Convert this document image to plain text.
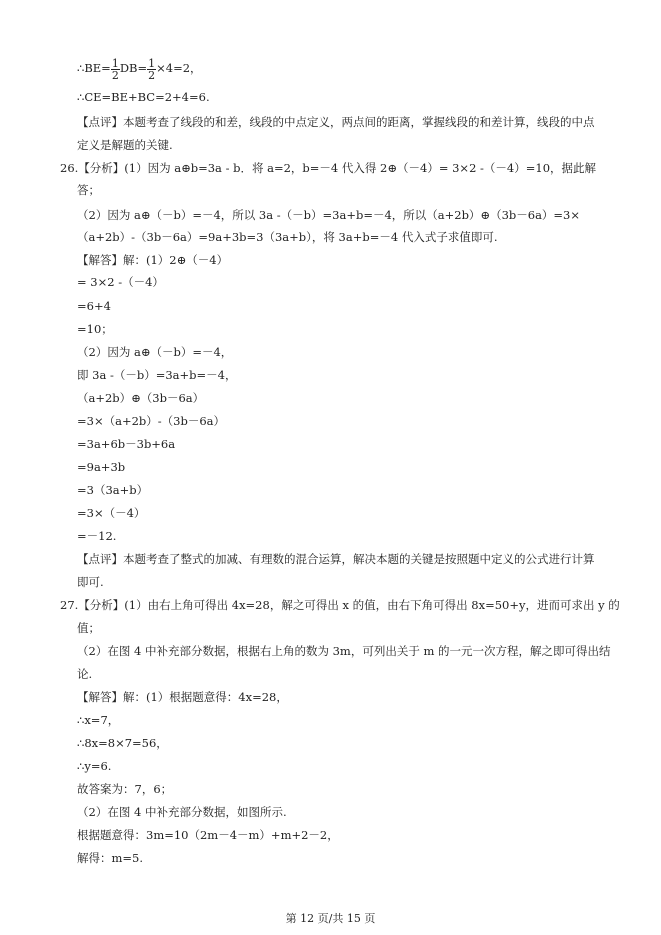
∴BE= $\frac{1}{2} DB= \frac{1}{2} \times 4=2$，
∴CE=BE+BC=2+4=6.
【点评】本题考查了线段的和差，线段的中点定义，两点间的距离，掌握线段的和差计算，线段的中点
定义是解题的关键.
26.【分析】(1）因为 a⊕b=3a - b．将 a=2，b=－4 代入得 2⊕（－4）= 3×2 -（－4）=10，据此解
答；
（2）因为 a⊕（－b）=－4，所以 3a -（－b）=3a+b=－4，所以（a+2b）⊕（3b－6a）=3×
（a+2b）-（3b－6a）=9a+3b=3（3a+b），将 3a+b=－4 代入式子求值即可.
【解答】解：(1）2⊕（－4）
= 3×2 -（－4）
=6+4
=10；
（2）因为 a⊕（－b）=－4，
即 3a -（－b）=3a+b=－4，
（a+2b）⊕（3b－6a）
=3×（a+2b）-（3b－6a）
=3a+6b－3b+6a
=9a+3b
=3（3a+b）
=3×（－4）
=－12.
【点评】本题考查了整式的加减、有理数的混合运算，解决本题的关键是按照题中定义的公式进行计算
即可.
27.【分析】(1）由右上角可得出 4x=28，解之可得出 x 的值，由右下角可得出 8x=50+y，进而可求出 y 的
值；
（2）在图 4 中补充部分数据，根据右上角的数为 3m，可列出关于 m 的一元一次方程，解之即可得出结
论.
【解答】解：(1）根据题意得：4x=28，
∴x=7，
∴8x=8×7=56，
∴y=6.
故答案为：7，6；
（2）在图 4 中补充部分数据，如图所示.
根据题意得：3m=10（2m－4－m）+m+2－2，
解得：m=5.
第 12 页/共 15 页
